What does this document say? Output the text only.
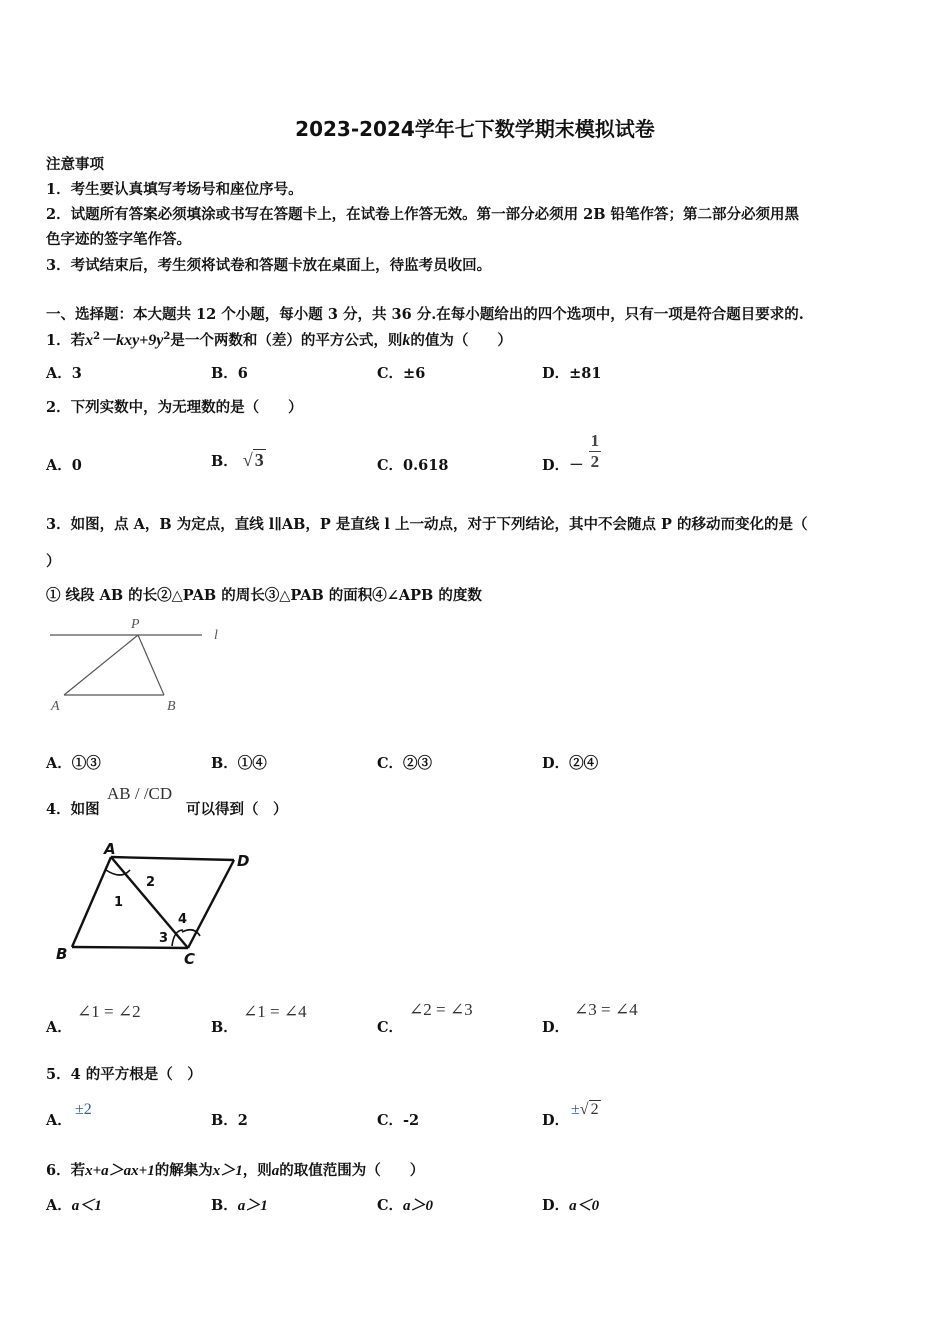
2023-2024学年七下数学期末模拟试卷
注意事项
1．考生要认真填写考场号和座位序号。
2．试题所有答案必须填涂或书写在答题卡上，在试卷上作答无效。第一部分必须用 2B 铅笔作答；第二部分必须用黑
色字迹的签字笔作答。
3．考试结束后，考生须将试卷和答题卡放在桌面上，待监考员收回。
一、选择题：本大题共 12 个小题，每小题 3 分，共 36 分.在每小题给出的四个选项中，只有一项是符合题目要求的.
1．若$x^2-kxy+9y^2$是一个两数和（差）的平方公式，则k的值为（　　）
A．3	B．6	C．±6	D．±81
2．下列实数中，为无理数的是（　　）
A．0	B． √ 3	C．0.618	D．－ $\frac{1}{2}$
3．如图，点 A，B 为定点，直线 l∥AB，P 是直线 l 上一动点，对于下列结论，其中不会随点 P 的移动而变化的是（
）
① 线段 AB 的长②△PAB 的周长③△PAB 的面积④∠APB 的度数
P
l
A	B
A．①③	B．①④	C．②③	D．②④
4．如图
AB / /CD
可以得到（　）
A
D
B	C
1
2
3
4
A．
∠1 = ∠2
B．
∠1 = ∠4
C．
∠2 = ∠3
D．
∠3 = ∠4
5．4 的平方根是（　）
A．
±2
B．2	C．-2	D．
±√ 2
6．若x+a＞ax+1的解集为x＞1，则a的取值范围为（　　）
A．a＜1	B．a＞1	C．a＞0	D．a＜0
